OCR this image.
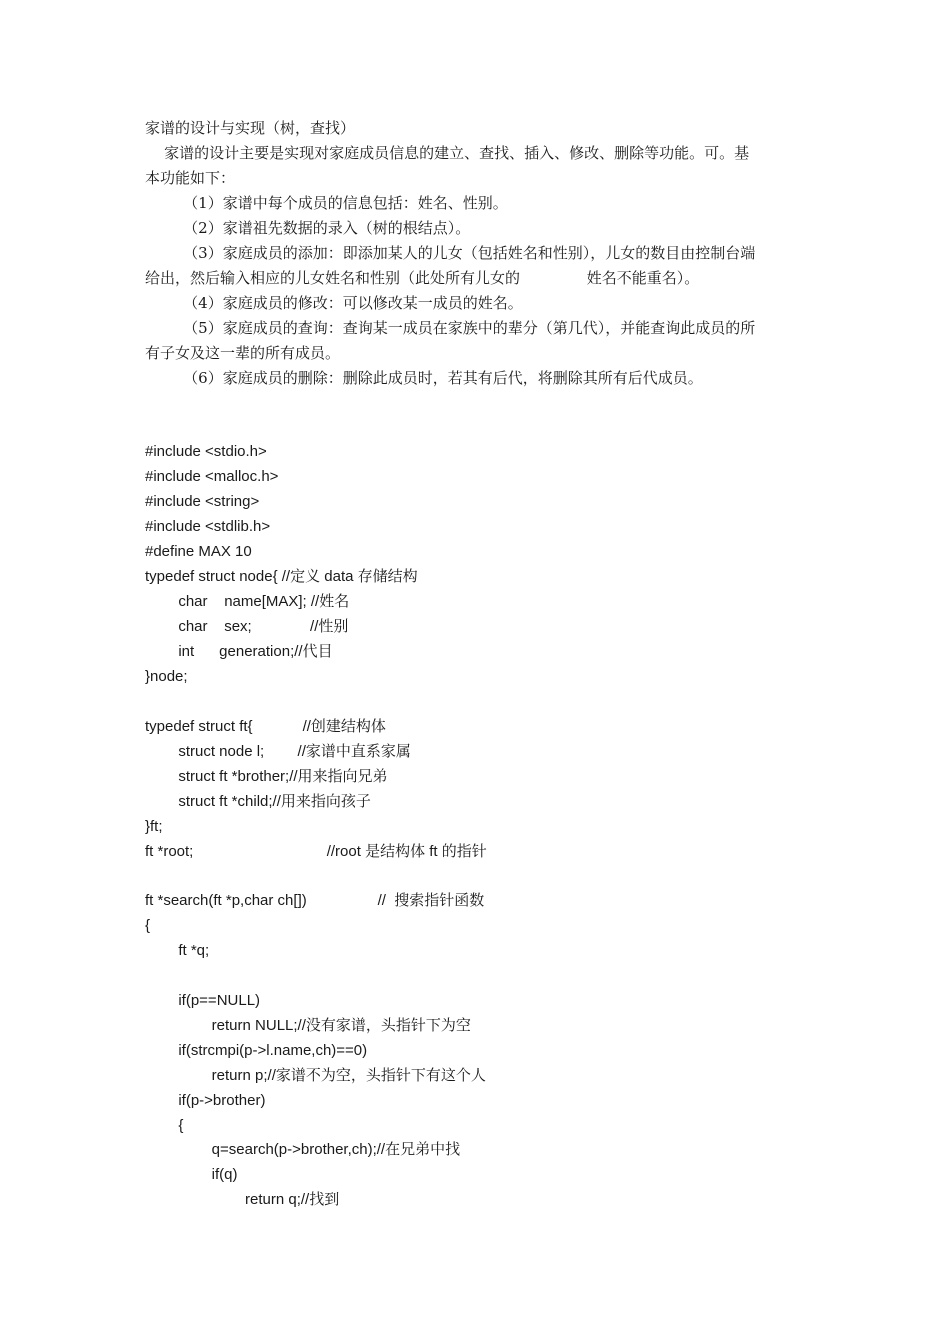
家谱的设计与实现（树，查找）
家谱的设计主要是实现对家庭成员信息的建立、查找、插入、修改、删除等功能。可。基
本功能如下：
（1）家谱中每个成员的信息包括：姓名、性别。
（2）家谱祖先数据的录入（树的根结点）。
（3）家庭成员的添加：即添加某人的儿女（包括姓名和性别），儿女的数目由控制台端
给出，然后输入相应的儿女姓名和性别（此处所有儿女的              姓名不能重名）。
（4）家庭成员的修改：可以修改某一成员的姓名。
（5）家庭成员的查询：查询某一成员在家族中的辈分（第几代），并能查询此成员的所
有子女及这一辈的所有成员。
（6）家庭成员的删除：删除此成员时，若其有后代，将删除其所有后代成员。
#include <stdio.h>
#include <malloc.h>
#include <string>
#include <stdlib.h>
#define MAX 10
typedef struct node{ //定义 data 存储结构
char    name[MAX]; //姓名
char    sex;              //性别
int      generation;//代目
}node;
typedef struct ft{            //创建结构体
struct node l;        //家谱中直系家属
struct ft *brother;//用来指向兄弟
struct ft *child;//用来指向孩子
}ft;
ft *root;                                //root 是结构体 ft 的指针
ft *search(ft *p,char ch[])                 //  搜索指针函数
{
ft *q;
if(p==NULL)
return NULL;//没有家谱，头指针下为空
if(strcmpi(p->l.name,ch)==0)
return p;//家谱不为空，头指针下有这个人
if(p->brother)
{
q=search(p->brother,ch);//在兄弟中找
if(q)
return q;//找到
